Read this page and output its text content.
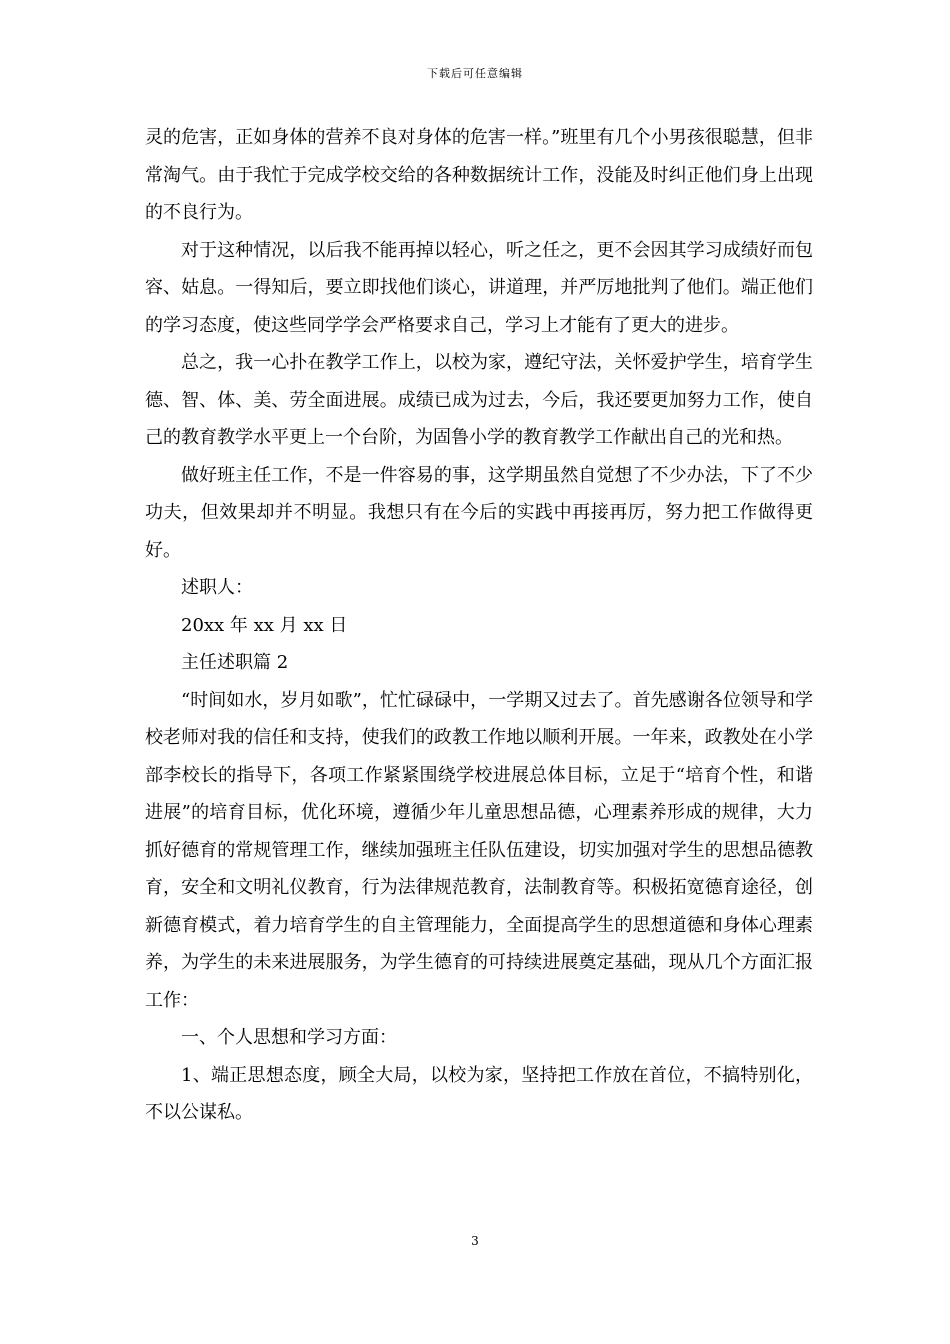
下载后可任意编辑

灵的危害，正如身体的营养不良对身体的危害一样。”班里有几个小男孩很聪慧，但非常淘气。由于我忙于完成学校交给的各种数据统计工作，没能及时纠正他们身上出现的不良行为。

对于这种情况，以后我不能再掉以轻心，听之任之，更不会因其学习成绩好而包容、姑息。一得知后，要立即找他们谈心，讲道理，并严厉地批判了他们。端正他们的学习态度，使这些同学学会严格要求自己，学习上才能有了更大的进步。

总之，我一心扑在教学工作上，以校为家，遵纪守法，关怀爱护学生，培育学生德、智、体、美、劳全面进展。成绩已成为过去，今后，我还要更加努力工作，使自己的教育教学水平更上一个台阶，为固鲁小学的教育教学工作献出自己的光和热。

做好班主任工作，不是一件容易的事，这学期虽然自觉想了不少办法，下了不少功夫，但效果却并不明显。我想只有在今后的实践中再接再厉，努力把工作做得更好。

述职人：

20xx 年 xx 月 xx 日

主任述职篇 2

“时间如水，岁月如歌”，忙忙碌碌中，一学期又过去了。首先感谢各位领导和学校老师对我的信任和支持，使我们的政教工作地以顺利开展。一年来，政教处在小学部李校长的指导下，各项工作紧紧围绕学校进展总体目标，立足于“培育个性，和谐进展”的培育目标，优化环境，遵循少年儿童思想品德，心理素养形成的规律，大力抓好德育的常规管理工作，继续加强班主任队伍建设，切实加强对学生的思想品德教育，安全和文明礼仪教育，行为法律规范教育，法制教育等。积极拓宽德育途径，创新德育模式，着力培育学生的自主管理能力，全面提高学生的思想道德和身体心理素养，为学生的未来进展服务，为学生德育的可持续进展奠定基础，现从几个方面汇报工作：

一、个人思想和学习方面：

1、端正思想态度，顾全大局，以校为家，坚持把工作放在首位，不搞特别化，不以公谋私。

3
